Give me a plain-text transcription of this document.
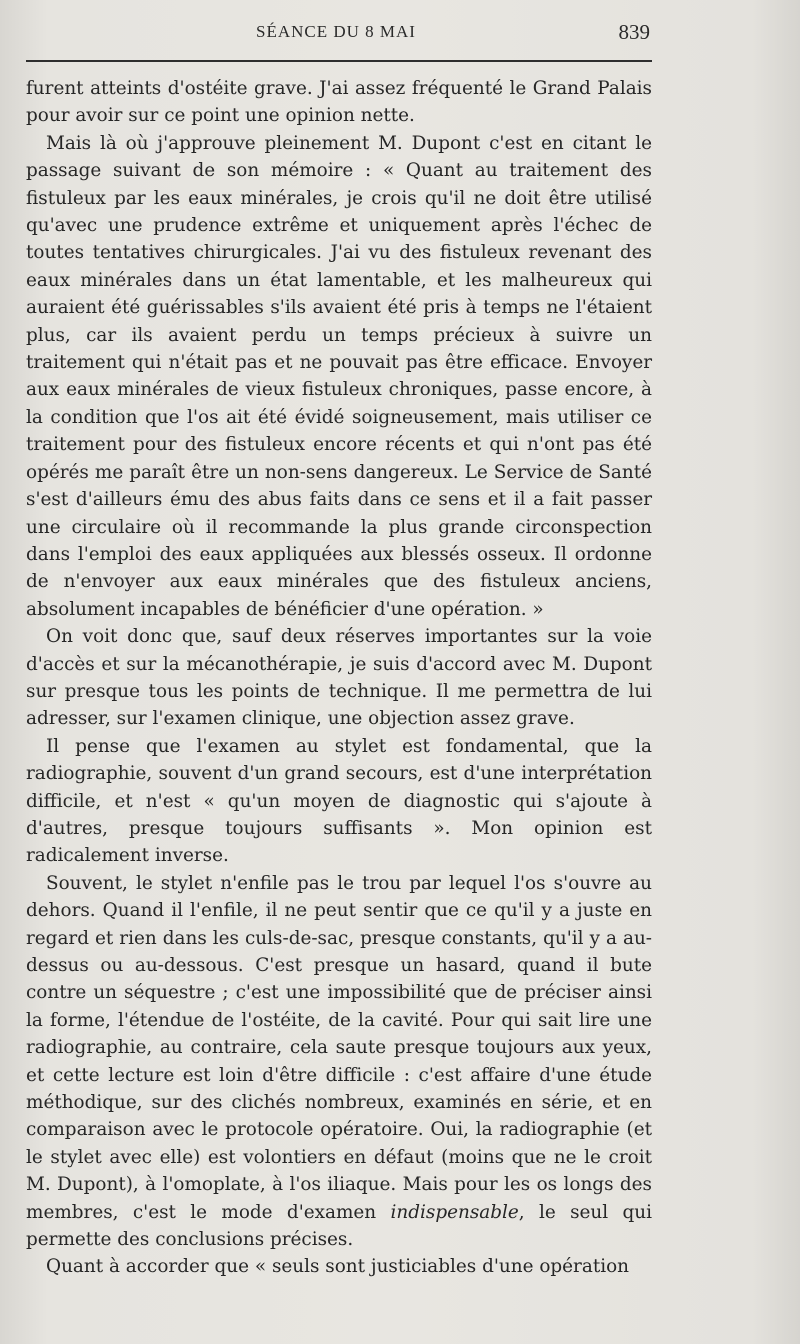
SÉANCE DU 8 MAI	839

furent atteints d'ostéite grave. J'ai assez fréquenté le Grand Palais pour avoir sur ce point une opinion nette.

Mais là où j'approuve pleinement M. Dupont c'est en citant le passage suivant de son mémoire : « Quant au traitement des fistuleux par les eaux minérales, je crois qu'il ne doit être utilisé qu'avec une prudence extrême et uniquement après l'échec de toutes tentatives chirurgicales. J'ai vu des fistuleux revenant des eaux minérales dans un état lamentable, et les malheureux qui auraient été guérissables s'ils avaient été pris à temps ne l'étaient plus, car ils avaient perdu un temps précieux à suivre un traitement qui n'était pas et ne pouvait pas être efficace. Envoyer aux eaux minérales de vieux fistuleux chroniques, passe encore, à la condition que l'os ait été évidé soigneusement, mais utiliser ce traitement pour des fistuleux encore récents et qui n'ont pas été opérés me paraît être un non-sens dangereux. Le Service de Santé s'est d'ailleurs ému des abus faits dans ce sens et il a fait passer une circulaire où il recommande la plus grande circonspection dans l'emploi des eaux appliquées aux blessés osseux. Il ordonne de n'envoyer aux eaux minérales que des fistuleux anciens, absolument incapables de bénéficier d'une opération. »

On voit donc que, sauf deux réserves importantes sur la voie d'accès et sur la mécanothérapie, je suis d'accord avec M. Dupont sur presque tous les points de technique. Il me permettra de lui adresser, sur l'examen clinique, une objection assez grave.

Il pense que l'examen au stylet est fondamental, que la radiographie, souvent d'un grand secours, est d'une interprétation difficile, et n'est « qu'un moyen de diagnostic qui s'ajoute à d'autres, presque toujours suffisants ». Mon opinion est radicalement inverse.

Souvent, le stylet n'enfile pas le trou par lequel l'os s'ouvre au dehors. Quand il l'enfile, il ne peut sentir que ce qu'il y a juste en regard et rien dans les culs-de-sac, presque constants, qu'il y a au-dessus ou au-dessous. C'est presque un hasard, quand il bute contre un séquestre ; c'est une impossibilité que de préciser ainsi la forme, l'étendue de l'ostéite, de la cavité. Pour qui sait lire une radiographie, au contraire, cela saute presque toujours aux yeux, et cette lecture est loin d'être difficile : c'est affaire d'une étude méthodique, sur des clichés nombreux, examinés en série, et en comparaison avec le protocole opératoire. Oui, la radiographie (et le stylet avec elle) est volontiers en défaut (moins que ne le croit M. Dupont), à l'omoplate, à l'os iliaque. Mais pour les os longs des membres, c'est le mode d'examen indispensable, le seul qui permette des conclusions précises.

Quant à accorder que « seuls sont justiciables d'une opération
